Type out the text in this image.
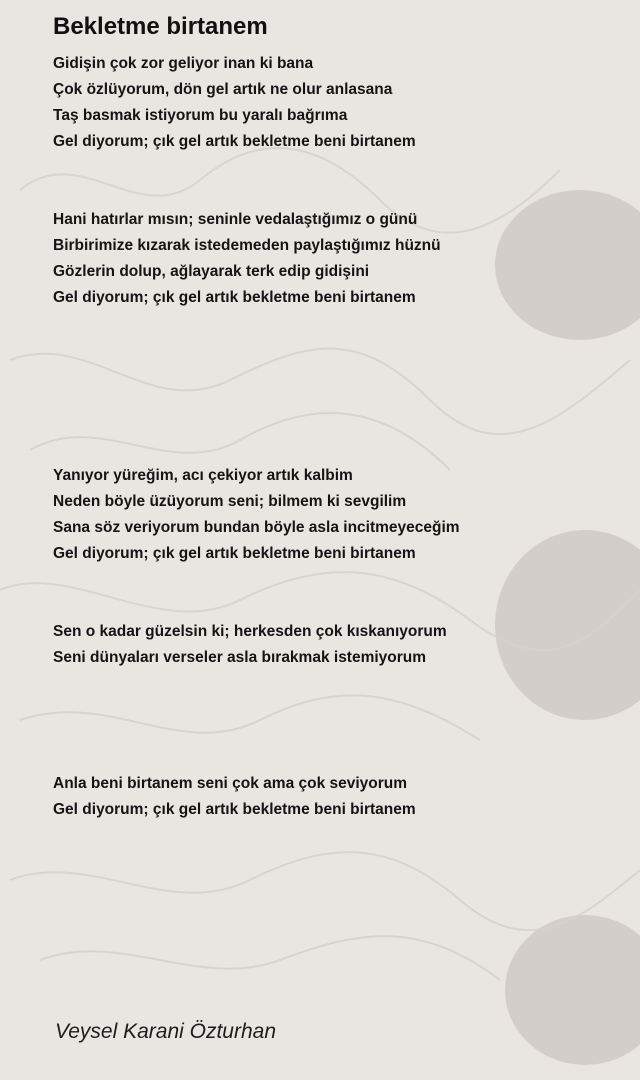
Bekletme birtanem
Gidişin çok zor geliyor inan ki bana
Çok özlüyorum, dön gel artık ne olur anlasana
Taş basmak istiyorum bu yaralı bağrıma
Gel diyorum; çık gel artık bekletme beni birtanem
Hani hatırlar mısın; seninle vedalaştığımız o günü
Birbirimize kızarak istedemeden paylaştığımız hüznü
Gözlerin dolup, ağlayarak terk edip gidişini
Gel diyorum; çık gel artık bekletme beni birtanem
Yanıyor yüreğim, acı çekiyor artık kalbim
Neden böyle üzüyorum seni; bilmem ki sevgilim
Sana söz veriyorum bundan böyle asla incitmeyeceğim
Gel diyorum; çık gel artık bekletme beni birtanem
Sen o kadar güzelsin ki; herkesden çok kıskanıyorum
Seni dünyaları verseler asla bırakmak istemiyorum
Anla beni birtanem seni çok ama çok seviyorum
Gel diyorum; çık gel artık bekletme beni birtanem
Veysel Karani Özturhan
